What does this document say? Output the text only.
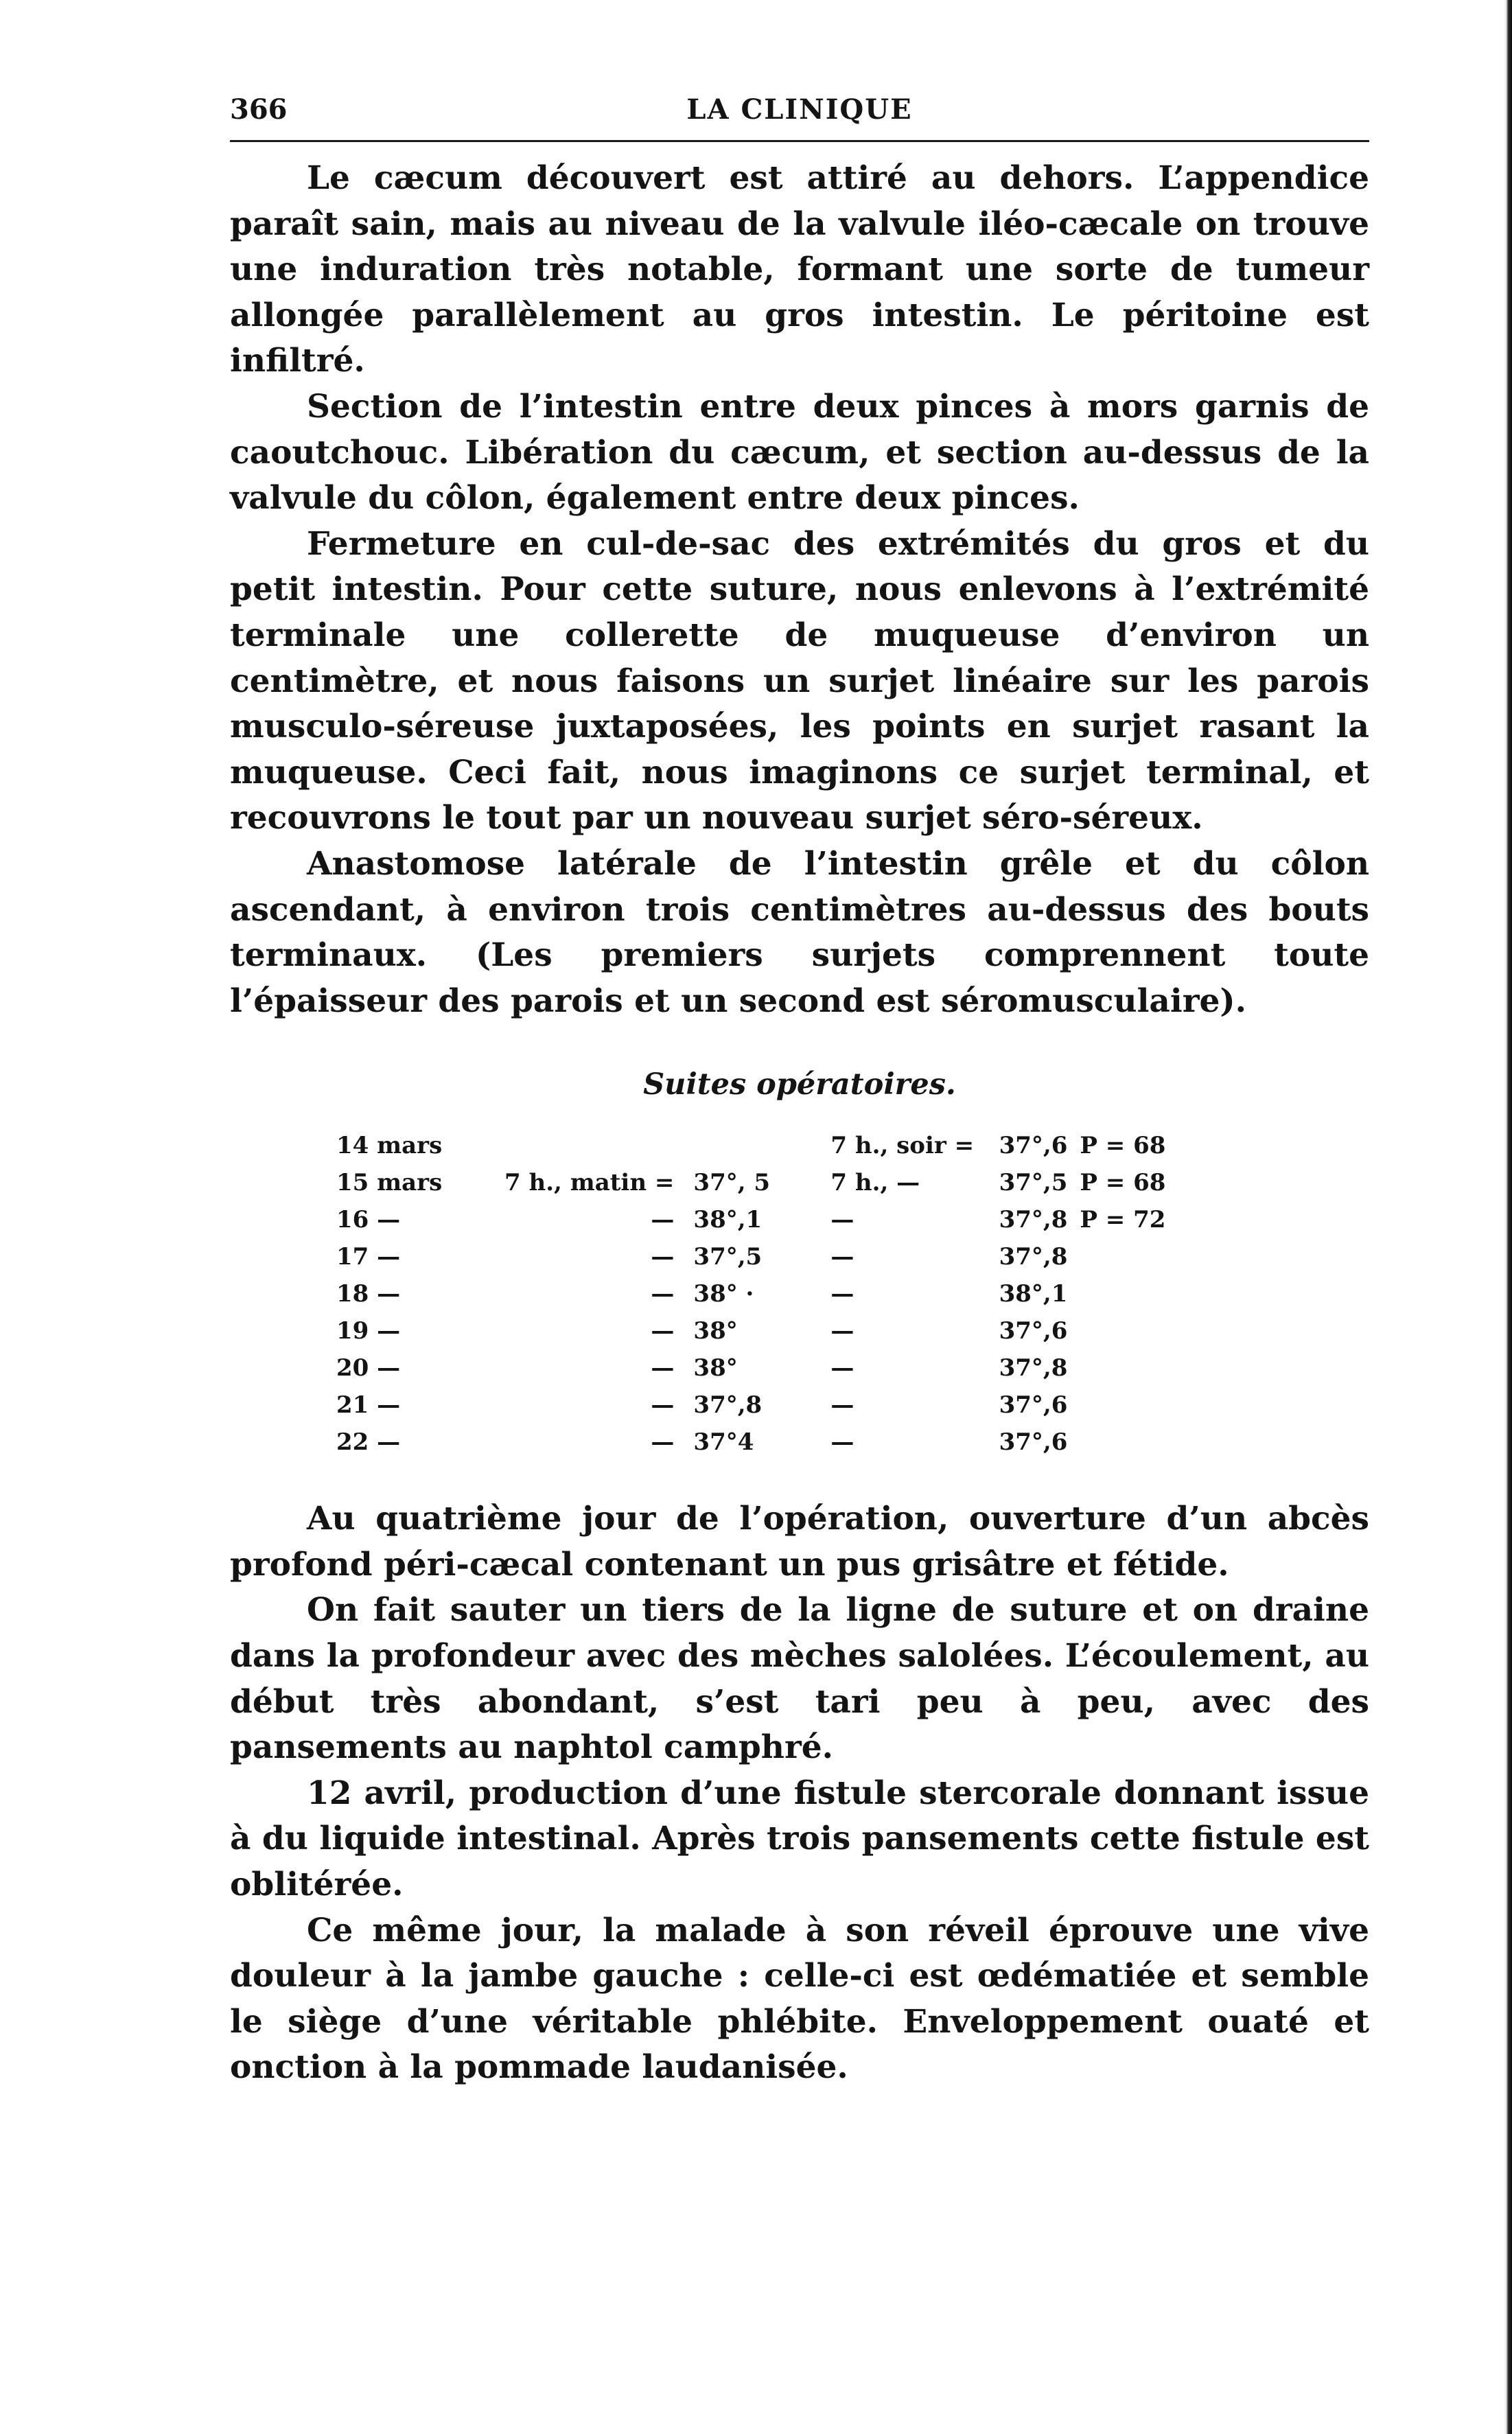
366	LA CLINIQUE

Le cæcum découvert est attiré au dehors. L’appendice paraît sain, mais au niveau de la valvule iléo-cæcale on trouve une induration très notable, formant une sorte de tumeur allongée parallèlement au gros intestin. Le péritoine est infiltré.

Section de l’intestin entre deux pinces à mors garnis de caoutchouc. Libération du cæcum, et section au-dessus de la valvule du côlon, également entre deux pinces.

Fermeture en cul-de-sac des extrémités du gros et du petit intestin. Pour cette suture, nous enlevons à l’extrémité terminale une collerette de muqueuse d’environ un centimètre, et nous faisons un surjet linéaire sur les parois musculo-séreuse juxtaposées, les points en surjet rasant la muqueuse. Ceci fait, nous imaginons ce surjet terminal, et recouvrons le tout par un nouveau surjet séro-séreux.

Anastomose latérale de l’intestin grêle et du côlon ascendant, à environ trois centimètres au-dessus des bouts terminaux. (Les premiers surjets comprennent toute l’épaisseur des parois et un second est séromusculaire).

Suites opératoires.
14 mars			7 h., soir =	37°,6	P = 68
15 mars	7 h., matin =	37°, 5	7 h., —	37°,5	P = 68
16 —	—	38°,1	—	37°,8	P = 72
17 —	—	37°,5	—	37°,8	
18 —	—	38° ·	—	38°,1	
19 —	—	38°	—	37°,6	
20 —	—	38°	—	37°,8	
21 —	—	37°,8	—	37°,6	
22 —	—	37°4	—	37°,6	

Au quatrième jour de l’opération, ouverture d’un abcès profond péri-cæcal contenant un pus grisâtre et fétide.

On fait sauter un tiers de la ligne de suture et on draine dans la profondeur avec des mèches salolées. L’écoulement, au début très abondant, s’est tari peu à peu, avec des pansements au naphtol camphré.

12 avril, production d’une fistule stercorale donnant issue à du liquide intestinal. Après trois pansements cette fistule est oblitérée.

Ce même jour, la malade à son réveil éprouve une vive douleur à la jambe gauche : celle-ci est œdématiée et semble le siège d’une véritable phlébite. Enveloppement ouaté et onction à la pommade laudanisée.
